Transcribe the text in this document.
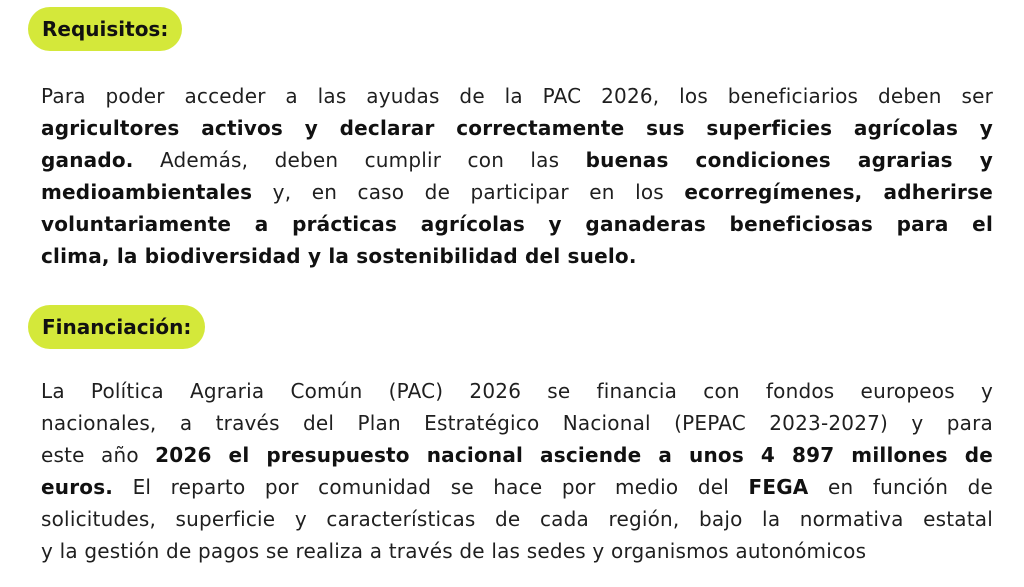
Requisitos:
Para poder acceder a las ayudas de la PAC 2026, los beneficiarios deben ser
agricultores activos y declarar correctamente sus superficies agrícolas y
ganado. Además, deben cumplir con las buenas condiciones agrarias y
medioambientales y, en caso de participar en los ecorregímenes, adherirse
voluntariamente a prácticas agrícolas y ganaderas beneficiosas para el
clima, la biodiversidad y la sostenibilidad del suelo.
Financiación:
La Política Agraria Común (PAC) 2026 se financia con fondos europeos y
nacionales, a través del Plan Estratégico Nacional (PEPAC 2023-2027) y para
este año 2026 el presupuesto nacional asciende a unos 4 897 millones de
euros. El reparto por comunidad se hace por medio del FEGA en función de
solicitudes, superficie y características de cada región, bajo la normativa estatal
y la gestión de pagos se realiza a través de las sedes y organismos autonómicos
